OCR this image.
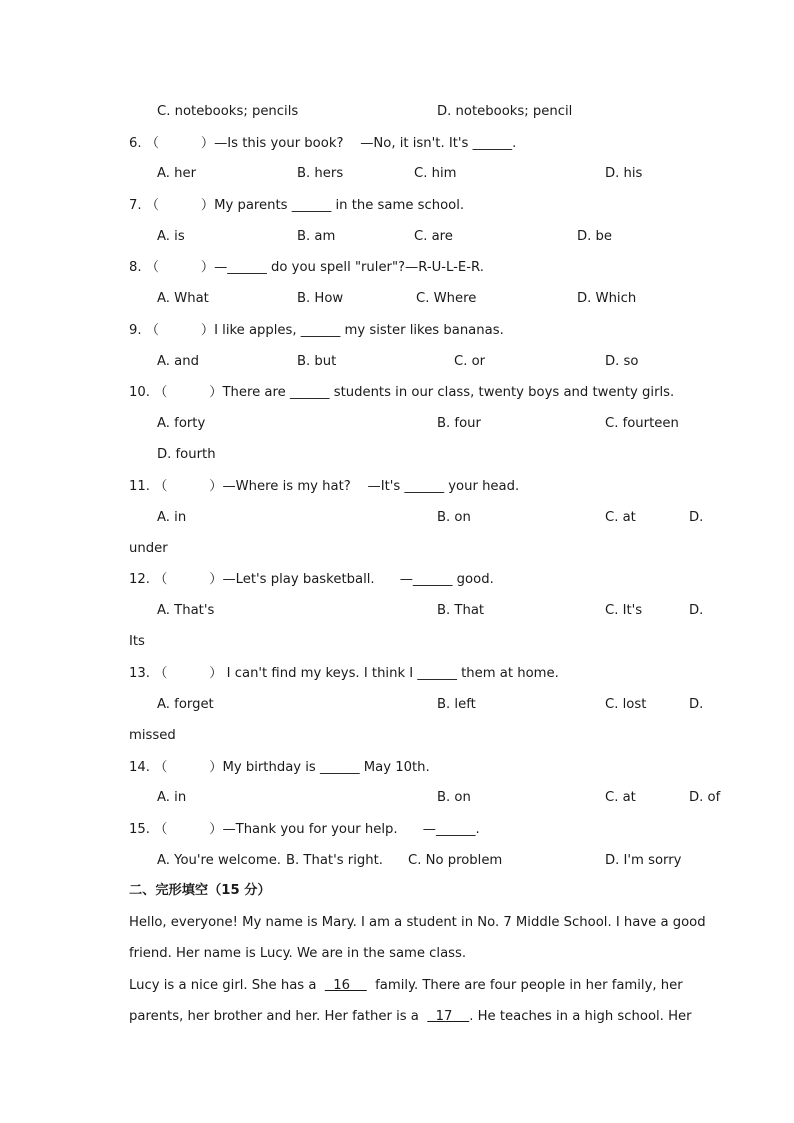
C. notebooks; pencils	D. notebooks; pencil
6. （          ）—Is this your book?    —No, it isn't. It's ______.
A. her	B. hers	C. him	D. his
7. （          ）My parents ______ in the same school.
A. is	B. am	C. are	D. be
8. （          ）—______ do you spell "ruler"?—R-U-L-E-R.
A. What	B. How	C. Where	D. Which
9. （          ）I like apples, ______ my sister likes bananas.
A. and	B. but	C. or	D. so
10. （          ）There are ______ students in our class, twenty boys and twenty girls.
A. forty	B. four	C. fourteen
D. fourth
11. （          ）—Where is my hat?    —It's ______ your head.
A. in	B. on	C. at	D.
under
12. （          ）—Let's play basketball.      —______ good.
A. That's	B. That	C. It's	D.
Its
13. （          ） I can't find my keys. I think I ______ them at home.
A. forget	B. left	C. lost	D.
missed
14. （          ）My birthday is ______ May 10th.
A. in	B. on	C. at	D. of
15. （          ）—Thank you for your help.      —______.
A. You're welcome. B. That's right. C. No problem	D. I'm sorry
二、完形填空（15 分）
Hello, everyone! My name is Mary. I am a student in No. 7 Middle School. I have a good
friend. Her name is Lucy. We are in the same class.
Lucy is a nice girl. She has a    16      family. There are four people in her family, her
parents, her brother and her. Her father is a    17    . He teaches in a high school. Her
